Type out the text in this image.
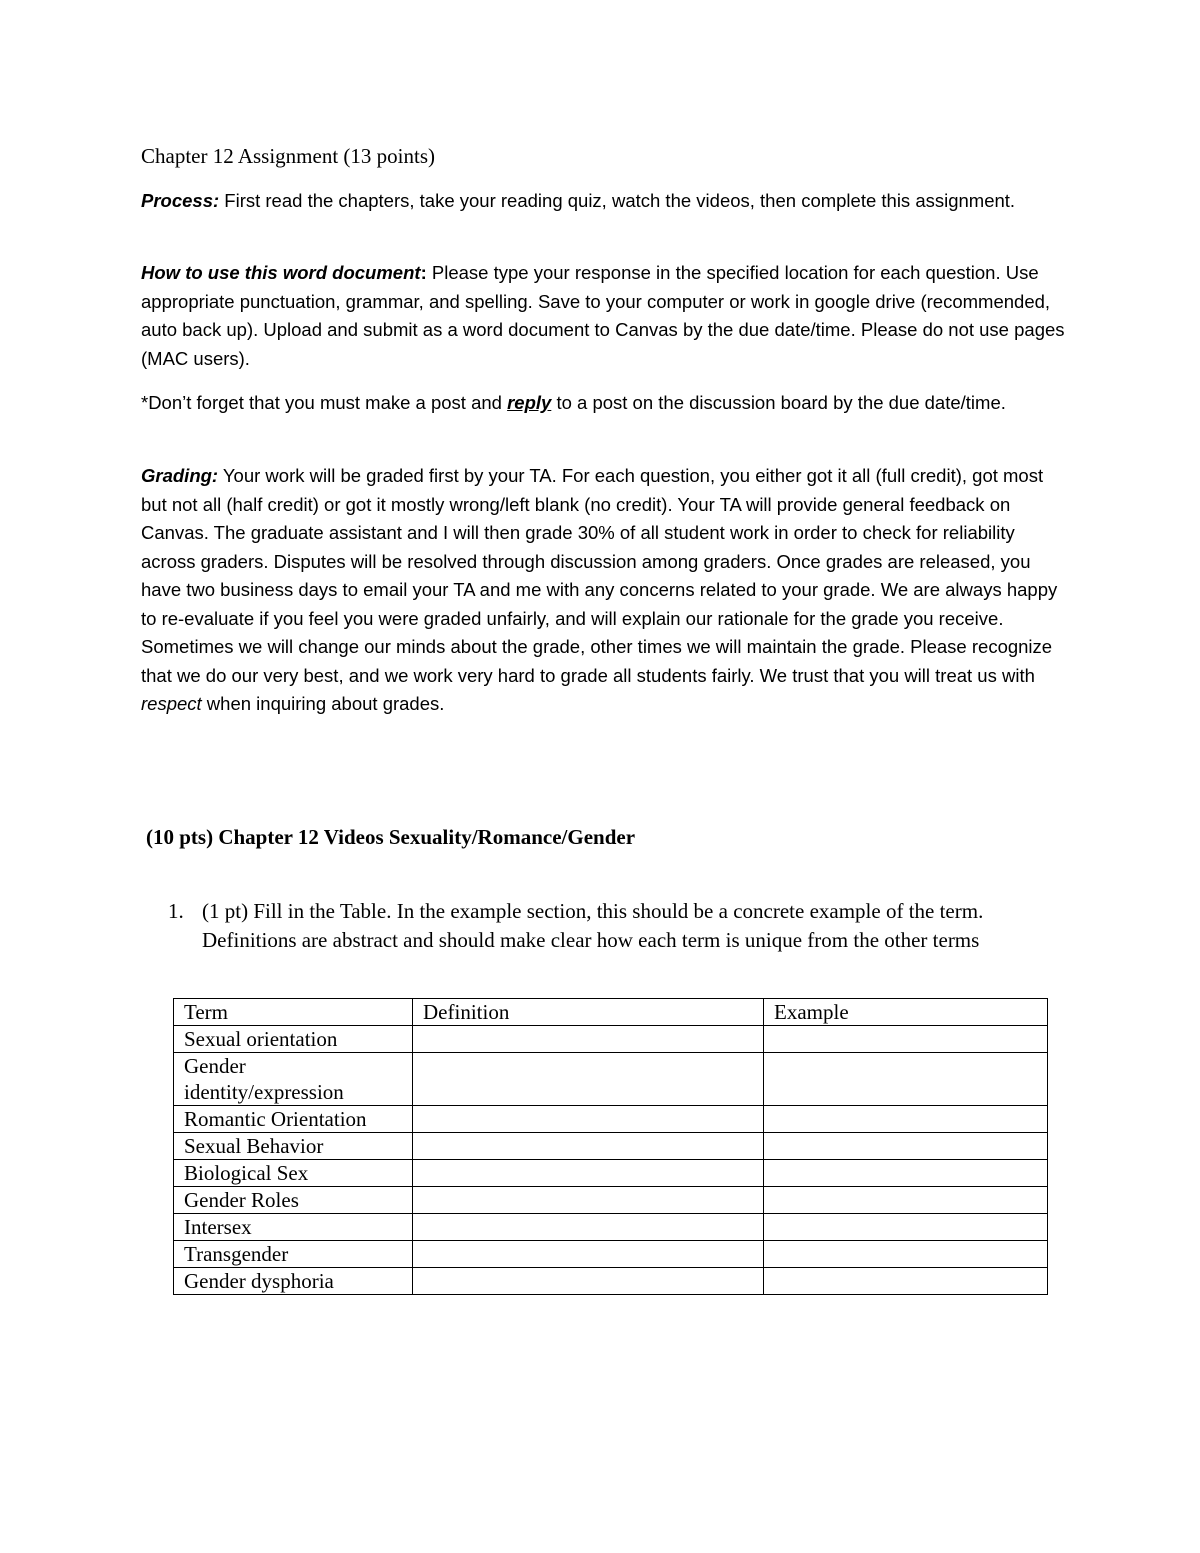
Chapter 12 Assignment (13 points)

Process: First read the chapters, take your reading quiz, watch the videos, then complete this assignment.

How to use this word document: Please type your response in the specified location for each question. Use appropriate punctuation, grammar, and spelling. Save to your computer or work in google drive (recommended, auto back up). Upload and submit as a word document to Canvas by the due date/time. Please do not use pages (MAC users).

*Don’t forget that you must make a post and reply to a post on the discussion board by the due date/time.

Grading: Your work will be graded first by your TA. For each question, you either got it all (full credit), got most but not all (half credit) or got it mostly wrong/left blank (no credit). Your TA will provide general feedback on Canvas. The graduate assistant and I will then grade 30% of all student work in order to check for reliability across graders. Disputes will be resolved through discussion among graders. Once grades are released, you have two business days to email your TA and me with any concerns related to your grade. We are always happy to re-evaluate if you feel you were graded unfairly, and will explain our rationale for the grade you receive. Sometimes we will change our minds about the grade, other times we will maintain the grade. Please recognize that we do our very best, and we work very hard to grade all students fairly. We trust that you will treat us with respect when inquiring about grades.

(10 pts) Chapter 12 Videos Sexuality/Romance/Gender
1. (1 pt) Fill in the Table. In the example section, this should be a concrete example of the term. Definitions are abstract and should make clear how each term is unique from the other terms
Term	Definition	Example
Sexual orientation		
Gender identity/expression		
Romantic Orientation		
Sexual Behavior		
Biological Sex		
Gender Roles		
Intersex		
Transgender		
Gender dysphoria		
